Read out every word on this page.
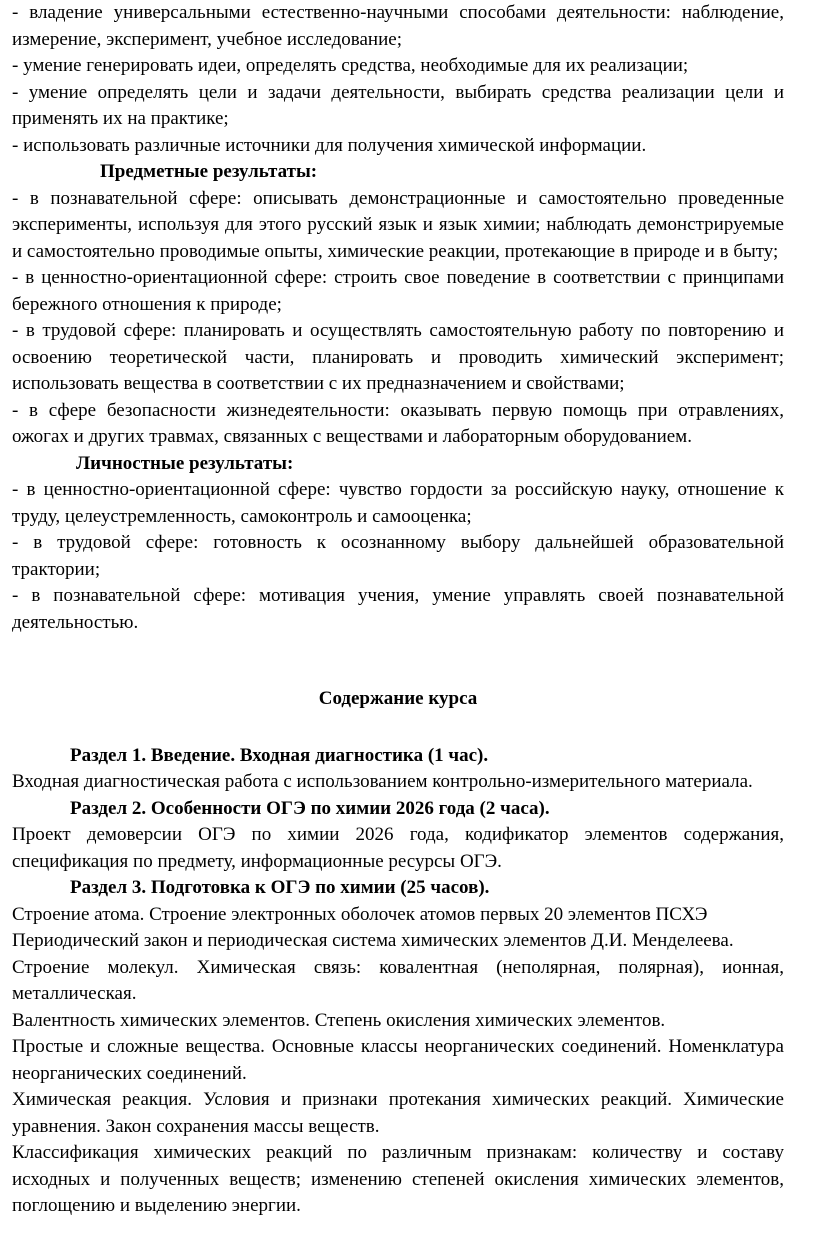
- владение универсальными естественно-научными способами деятельности: наблюдение, измерение, эксперимент, учебное исследование;

- умение генерировать идеи, определять средства, необходимые для их реализации;

- умение определять цели и задачи деятельности, выбирать средства реализации цели и применять их на практике;

- использовать различные источники для получения химической информации.

Предметные результаты:

- в познавательной сфере: описывать демонстрационные и самостоятельно проведенные эксперименты, используя для этого русский язык и язык химии; наблюдать демонстрируемые и самостоятельно проводимые опыты, химические реакции, протекающие в природе и в быту;

- в ценностно-ориентационной сфере: строить свое поведение в соответствии с принципами бережного отношения к природе;

- в трудовой сфере: планировать и осуществлять самостоятельную работу по повторению и освоению теоретической части, планировать и проводить химический эксперимент; использовать вещества в соответствии с их предназначением и свойствами;

- в сфере безопасности жизнедеятельности: оказывать первую помощь при отравлениях, ожогах и других травмах, связанных с веществами и лабораторным оборудованием.

Личностные результаты:

- в ценностно-ориентационной сфере: чувство гордости за российскую науку, отношение к труду, целеустремленность, самоконтроль и самооценка;

- в трудовой сфере: готовность к осознанному выбору дальнейшей образовательной трактории;

- в познавательной сфере: мотивация учения, умение управлять своей познавательной деятельностью.

Содержание курса

Раздел 1. Введение. Входная диагностика (1 час).

Входная диагностическая работа с использованием контрольно-измерительного материала.

Раздел 2. Особенности ОГЭ по химии 2026 года (2 часа).

Проект демоверсии ОГЭ по химии 2026 года, кодификатор элементов содержания, спецификация по предмету, информационные ресурсы ОГЭ.

Раздел 3. Подготовка к ОГЭ по химии (25 часов).

Строение атома. Строение электронных оболочек атомов первых 20 элементов ПСХЭ

Периодический закон и периодическая система химических элементов Д.И. Менделеева.

Строение молекул. Химическая связь: ковалентная (неполярная, полярная), ионная, металлическая.

Валентность химических элементов. Степень окисления химических элементов.

Простые и сложные вещества. Основные классы неорганических соединений. Номенклатура неорганических соединений.

Химическая реакция. Условия и признаки протекания химических реакций. Химические уравнения. Закон сохранения массы веществ.

Классификация химических реакций по различным признакам: количеству и составу исходных и полученных веществ; изменению степеней окисления химических элементов, поглощению и выделению энергии.
